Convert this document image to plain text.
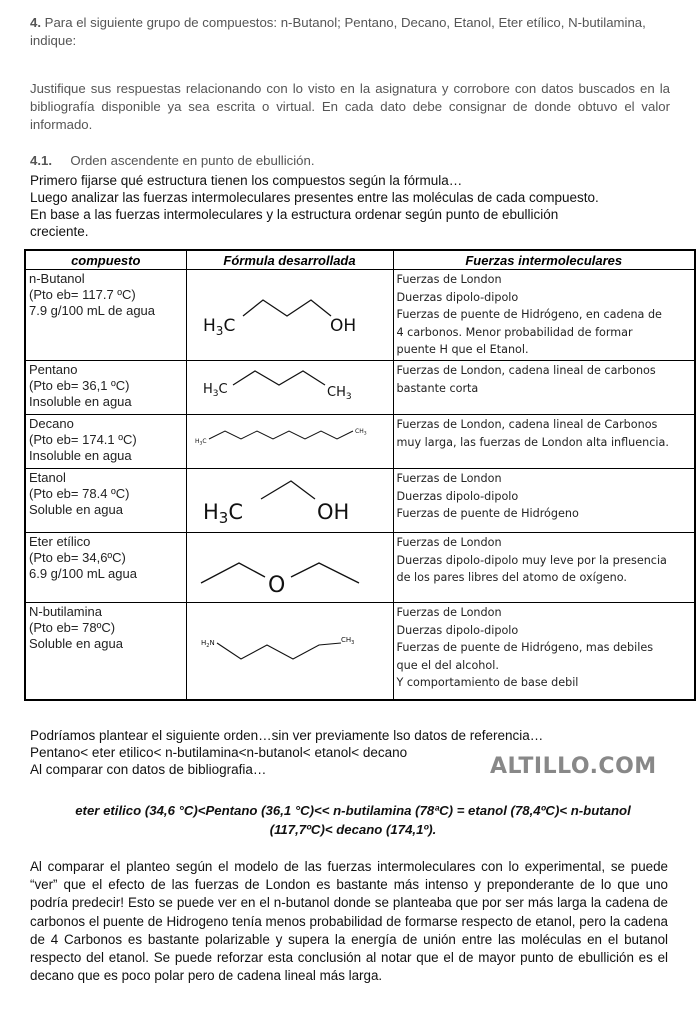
4. Para el siguiente grupo de compuestos: n-Butanol; Pentano, Decano, Etanol, Eter etílico, N-butilamina, indique:
Justifique sus respuestas relacionando con lo visto en la asignatura y corrobore con datos buscados en la bibliografía disponible ya sea escrita o virtual. En cada dato debe consignar de donde obtuvo el valor informado.
4.1. Orden ascendente en punto de ebullición.
Primero fijarse qué estructura tienen los compuestos según la fórmula…
Luego analizar las fuerzas intermoleculares presentes entre las moléculas de cada compuesto.
En base a las fuerzas intermoleculares y la estructura ordenar según punto de ebullición
creciente.
compuesto	Fórmula desarrollada	Fuerzas intermoleculares

n-Butanol
(Pto eb= 117.7 ºC)
7.9 g/100 mL de agua	$H_3C$ OH	Fuerzas de London
Duerzas dipolo-dipolo
Fuerzas de puente de Hidrógeno, en cadena de
4 carbonos. Menor probabilidad de formar
puente H que el Etanol.

Pentano
(Pto eb= 36,1 ºC)
Insoluble en agua	$H_3C$ $CH_3$	Fuerzas de London, cadena lineal de carbonos
bastante corta

Decano
(Pto eb= 174.1 ºC)
Insoluble en agua	$H_3C$
$CH_3$	Fuerzas de London, cadena lineal de Carbonos
muy larga, las fuerzas de London alta influencia.

Etanol
(Pto eb= 78.4 ºC)
Soluble en agua	H3C OH	Fuerzas de London
Duerzas dipolo-dipolo
Fuerzas de puente de Hidrógeno

Eter etílico
(Pto eb= 34,6ºC)
6.9 g/100 mL agua	O	Fuerzas de London
Duerzas dipolo-dipolo muy leve por la presencia
de los pares libres del atomo de oxígeno.

N-butilamina
(Pto eb= 78ºC)
Soluble en agua	$H_2N$ $CH_3$	Fuerzas de London
Duerzas dipolo-dipolo
Fuerzas de puente de Hidrógeno, mas debiles
que el del alcohol.
Y comportamiento de base debil
Podríamos plantear el siguiente orden…sin ver previamente lso datos de referencia…
Pentano< eter etilico< n-butilamina<n-butanol< etanol< decano
Al comparar con datos de bibliografia…	ALTILLO.COM
eter etilico (34,6 °C)<Pentano (36,1 °C)<< n-butilamina (78ªC) = etanol (78,4ºC)< n-butanol (117,7ºC)< decano (174,1º).
Al comparar el planteo según el modelo de las fuerzas intermoleculares con lo experimental, se puede “ver” que el efecto de las fuerzas de London es bastante más intenso y preponderante de lo que uno podría predecir! Esto se puede ver en el n-butanol donde se planteaba que por ser más larga la cadena de carbonos el puente de Hidrogeno tenía menos probabilidad de formarse respecto de etanol, pero la cadena de 4 Carbonos es bastante polarizable y supera la energía de unión entre las moléculas en el butanol respecto del etanol. Se puede reforzar esta conclusión al notar que el de mayor punto de ebullición es el decano que es poco polar pero de cadena lineal más larga.
